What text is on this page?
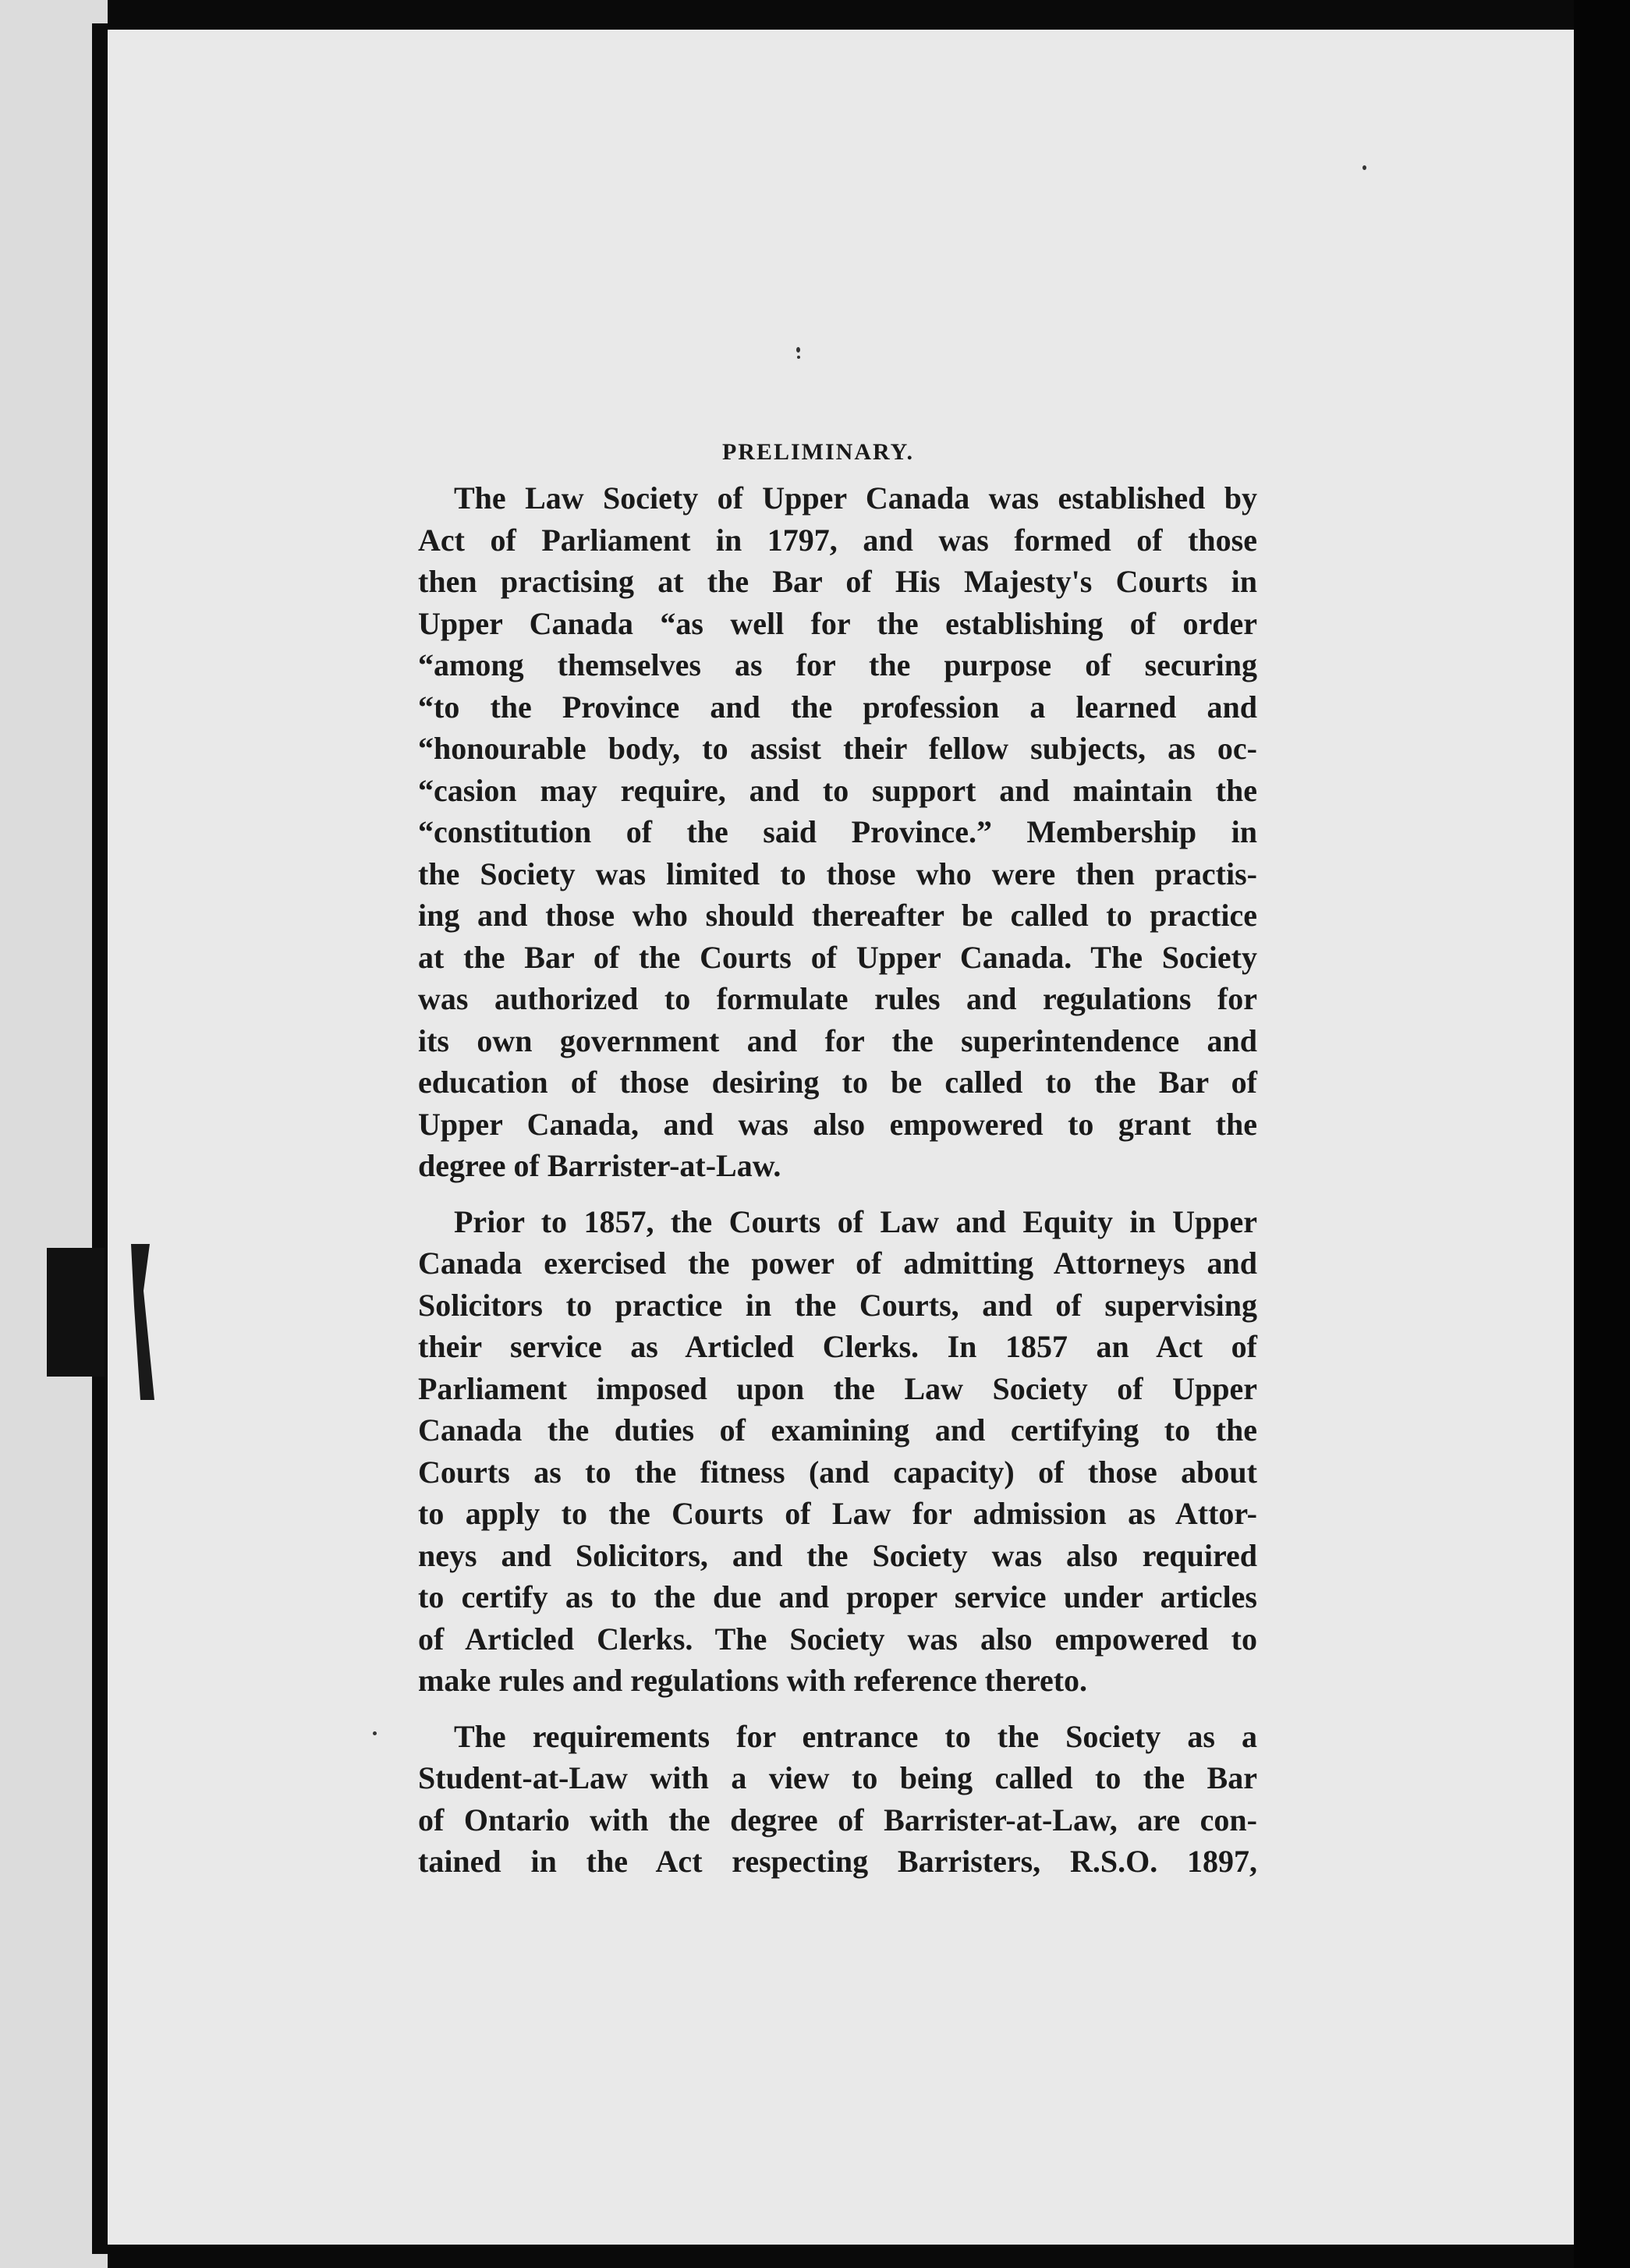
PRELIMINARY.
The Law Society of Upper Canada was established by
Act of Parliament in 1797, and was formed of those
then practising at the Bar of His Majesty's Courts in
Upper Canada “as well for the establishing of order
“among themselves as for the purpose of securing
“to the Province and the profession a learned and
“honourable body, to assist their fellow subjects, as oc-
“casion may require, and to support and maintain the
“constitution of the said Province.” Membership in
the Society was limited to those who were then practis-
ing and those who should thereafter be called to practice
at the Bar of the Courts of Upper Canada. The Society
was authorized to formulate rules and regulations for
its own government and for the superintendence and
education of those desiring to be called to the Bar of
Upper Canada, and was also empowered to grant the
degree of Barrister-at-Law.
Prior to 1857, the Courts of Law and Equity in Upper
Canada exercised the power of admitting Attorneys and
Solicitors to practice in the Courts, and of supervising
their service as Articled Clerks. In 1857 an Act of
Parliament imposed upon the Law Society of Upper
Canada the duties of examining and certifying to the
Courts as to the fitness (and capacity) of those about
to apply to the Courts of Law for admission as Attor-
neys and Solicitors, and the Society was also required
to certify as to the due and proper service under articles
of Articled Clerks. The Society was also empowered to
make rules and regulations with reference thereto.
The requirements for entrance to the Society as a
Student-at-Law with a view to being called to the Bar
of Ontario with the degree of Barrister-at-Law, are con-
tained in the Act respecting Barristers, R.S.O. 1897,
